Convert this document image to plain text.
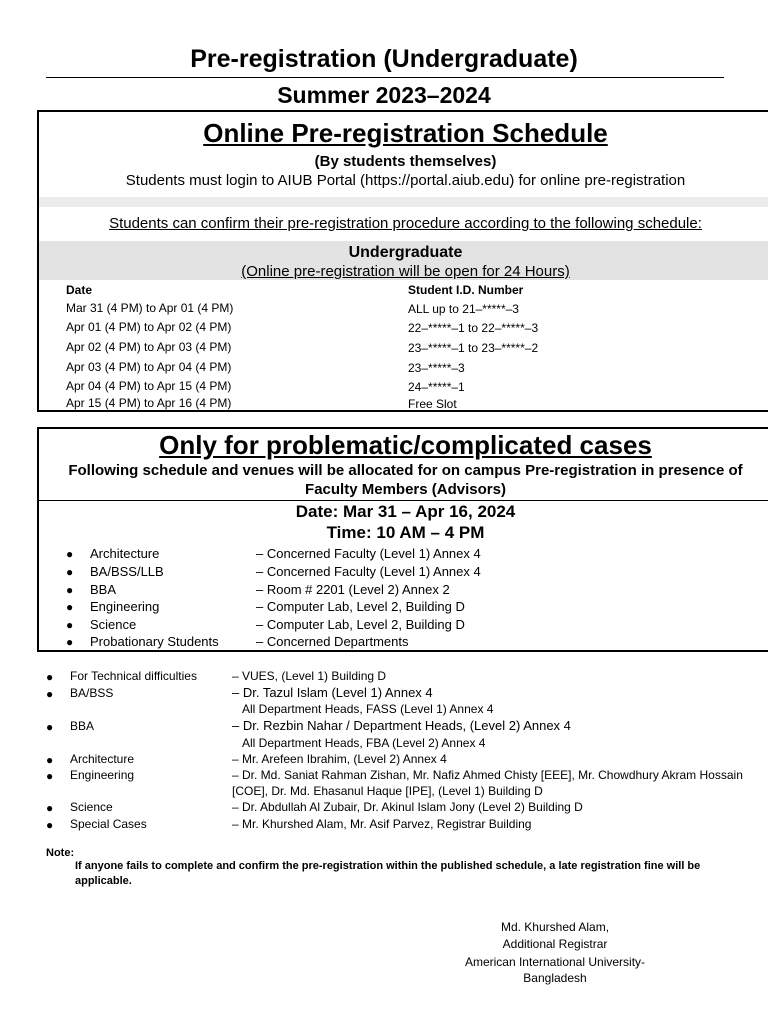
Pre-registration (Undergraduate)
Summer 2023–2024
Online Pre-registration Schedule
(By students themselves)
Students must login to AIUB Portal (https://portal.aiub.edu) for online pre-registration
Students can confirm their pre-registration procedure according to the following schedule:
Undergraduate
(Online pre-registration will be open for 24 Hours)
Date	Student I.D. Number
Mar 31 (4 PM) to Apr 01 (4 PM)	ALL up to 21–*****–3
Apr 01 (4 PM) to Apr 02 (4 PM)	22–*****–1 to 22–*****–3
Apr 02 (4 PM) to Apr 03 (4 PM)	23–*****–1 to 23–*****–2
Apr 03 (4 PM) to Apr 04 (4 PM)	23–*****–3
Apr 04 (4 PM) to Apr 15 (4 PM)	24–*****–1
Apr 15 (4 PM) to Apr 16 (4 PM)	Free Slot
Only for problematic/complicated cases
Following schedule and venues will be allocated for on campus Pre-registration in presence of
Faculty Members (Advisors)
Date: Mar 31 – Apr 16, 2024
Time: 10 AM – 4 PM
● Architecture	– Concerned Faculty (Level 1) Annex 4
● BA/BSS/LLB	– Concerned Faculty (Level 1) Annex 4
● BBA	– Room # 2201 (Level 2) Annex 2
● Engineering	– Computer Lab, Level 2, Building D
● Science	– Computer Lab, Level 2, Building D
● Probationary Students	– Concerned Departments
● For Technical difficulties	– VUES, (Level 1) Building D
● BA/BSS	– Dr. Tazul Islam (Level 1) Annex 4
All Department Heads, FASS (Level 1) Annex 4
● BBA	– Dr. Rezbin Nahar / Department Heads, (Level 2) Annex 4
All Department Heads, FBA (Level 2) Annex 4
● Architecture	– Mr. Arefeen Ibrahim, (Level 2) Annex 4
● Engineering	– Dr. Md. Saniat Rahman Zishan, Mr. Nafiz Ahmed Chisty [EEE], Mr. Chowdhury Akram Hossain
[COE], Dr. Md. Ehasanul Haque [IPE], (Level 1) Building D
● Science	– Dr. Abdullah Al Zubair, Dr. Akinul Islam Jony (Level 2) Building D
● Special Cases	– Mr. Khurshed Alam, Mr. Asif Parvez, Registrar Building
Note:
If anyone fails to complete and confirm the pre-registration within the published schedule, a late registration fine will be applicable.
Md. Khurshed Alam,
Additional Registrar
American International University-Bangladesh
